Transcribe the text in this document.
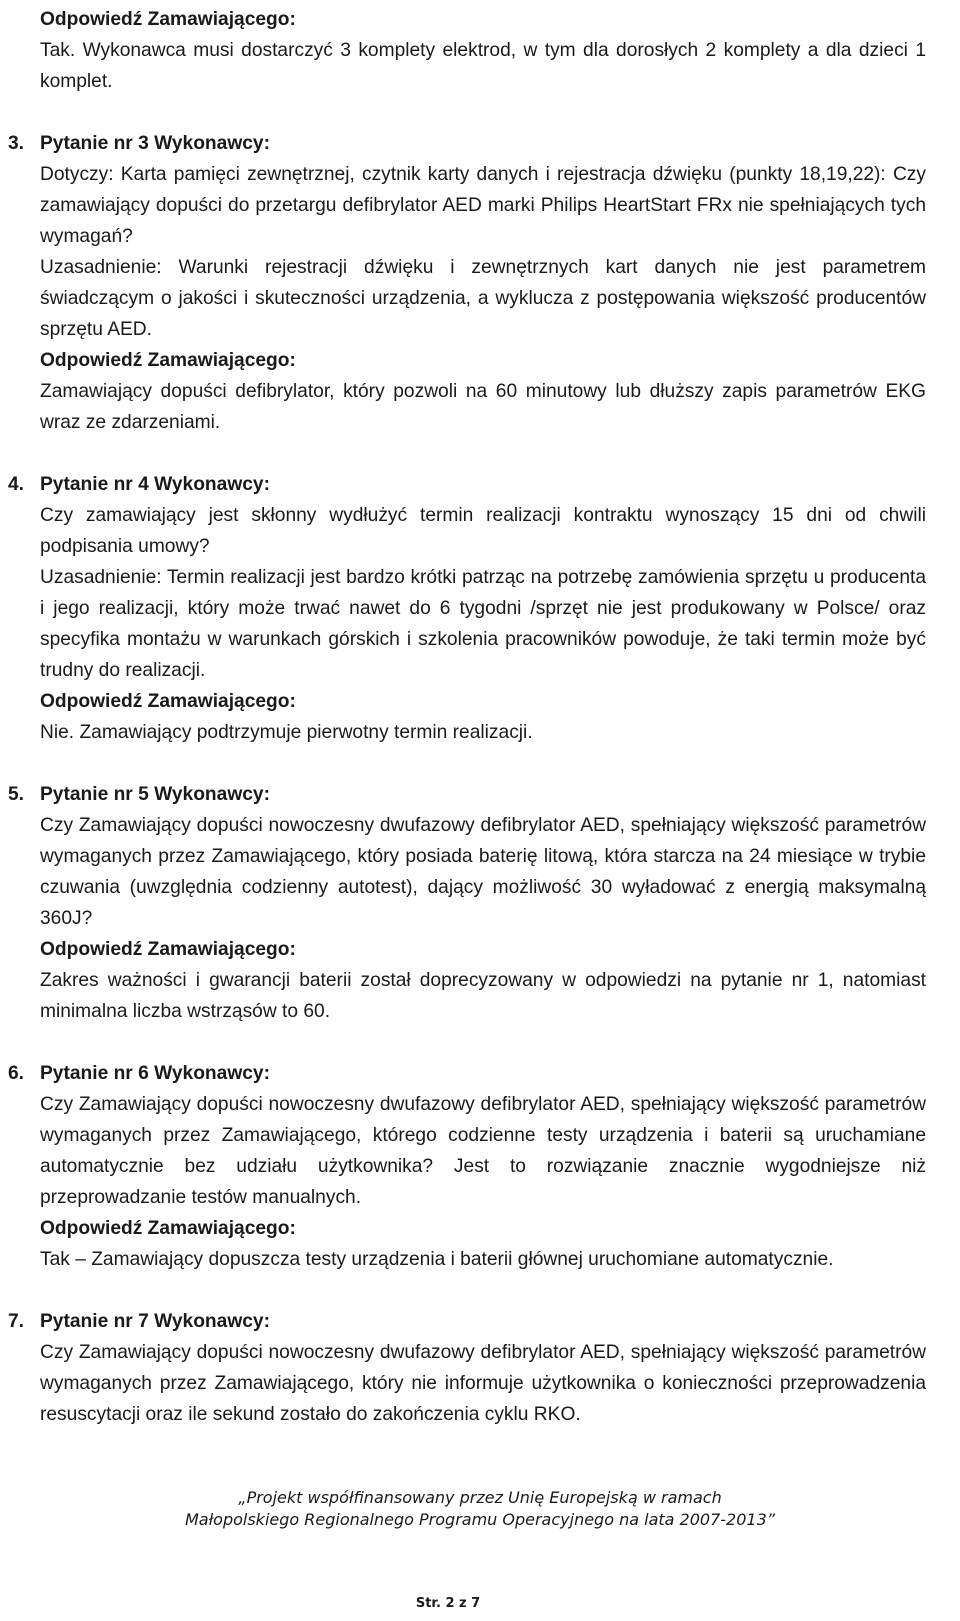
Odpowiedź Zamawiającego:
Tak. Wykonawca musi dostarczyć 3 komplety elektrod, w tym dla dorosłych 2 komplety a dla dzieci 1 komplet.
3. Pytanie nr 3 Wykonawcy:
Dotyczy: Karta pamięci zewnętrznej, czytnik karty danych i rejestracja dźwięku (punkty 18,19,22): Czy zamawiający dopuści do przetargu defibrylator AED marki Philips HeartStart FRx nie spełniających tych wymagań?
Uzasadnienie: Warunki rejestracji dźwięku i zewnętrznych kart danych nie jest parametrem świadczącym o jakości i skuteczności urządzenia, a wyklucza z postępowania większość producentów sprzętu AED.
Odpowiedź Zamawiającego:
Zamawiający dopuści defibrylator, który pozwoli na 60 minutowy lub dłuższy zapis parametrów EKG wraz ze zdarzeniami.
4. Pytanie nr 4 Wykonawcy:
Czy zamawiający jest skłonny wydłużyć termin realizacji kontraktu wynoszący 15 dni od chwili podpisania umowy?
Uzasadnienie: Termin realizacji jest bardzo krótki patrząc na potrzebę zamówienia sprzętu u producenta i jego realizacji, który może trwać nawet do 6 tygodni /sprzęt nie jest produkowany w Polsce/ oraz specyfika montażu w warunkach górskich i szkolenia pracowników powoduje, że taki termin może być trudny do realizacji.
Odpowiedź Zamawiającego:
Nie. Zamawiający podtrzymuje pierwotny termin realizacji.
5. Pytanie nr 5 Wykonawcy:
Czy Zamawiający dopuści nowoczesny dwufazowy defibrylator AED, spełniający większość parametrów wymaganych przez Zamawiającego, który posiada baterię litową, która starcza na 24 miesiące w trybie czuwania (uwzględnia codzienny autotest), dający możliwość 30 wyładować z energią maksymalną 360J?
Odpowiedź Zamawiającego:
Zakres ważności i gwarancji baterii został doprecyzowany w odpowiedzi na pytanie nr 1, natomiast minimalna liczba wstrząsów to 60.
6. Pytanie nr 6 Wykonawcy:
Czy Zamawiający dopuści nowoczesny dwufazowy defibrylator AED, spełniający większość parametrów wymaganych przez Zamawiającego, którego codzienne testy urządzenia i baterii są uruchamiane automatycznie bez udziału użytkownika? Jest to rozwiązanie znacznie wygodniejsze niż przeprowadzanie testów manualnych.
Odpowiedź Zamawiającego:
Tak – Zamawiający dopuszcza testy urządzenia i baterii głównej uruchomiane automatycznie.
7. Pytanie nr 7 Wykonawcy:
Czy Zamawiający dopuści nowoczesny dwufazowy defibrylator AED, spełniający większość parametrów wymaganych przez Zamawiającego, który nie informuje użytkownika o konieczności przeprowadzenia resuscytacji oraz ile sekund zostało do zakończenia cyklu RKO.
„Projekt współfinansowany przez Unię Europejską w ramach
Małopolskiego Regionalnego Programu Operacyjnego na lata 2007-2013”
Str. 2 z 7
